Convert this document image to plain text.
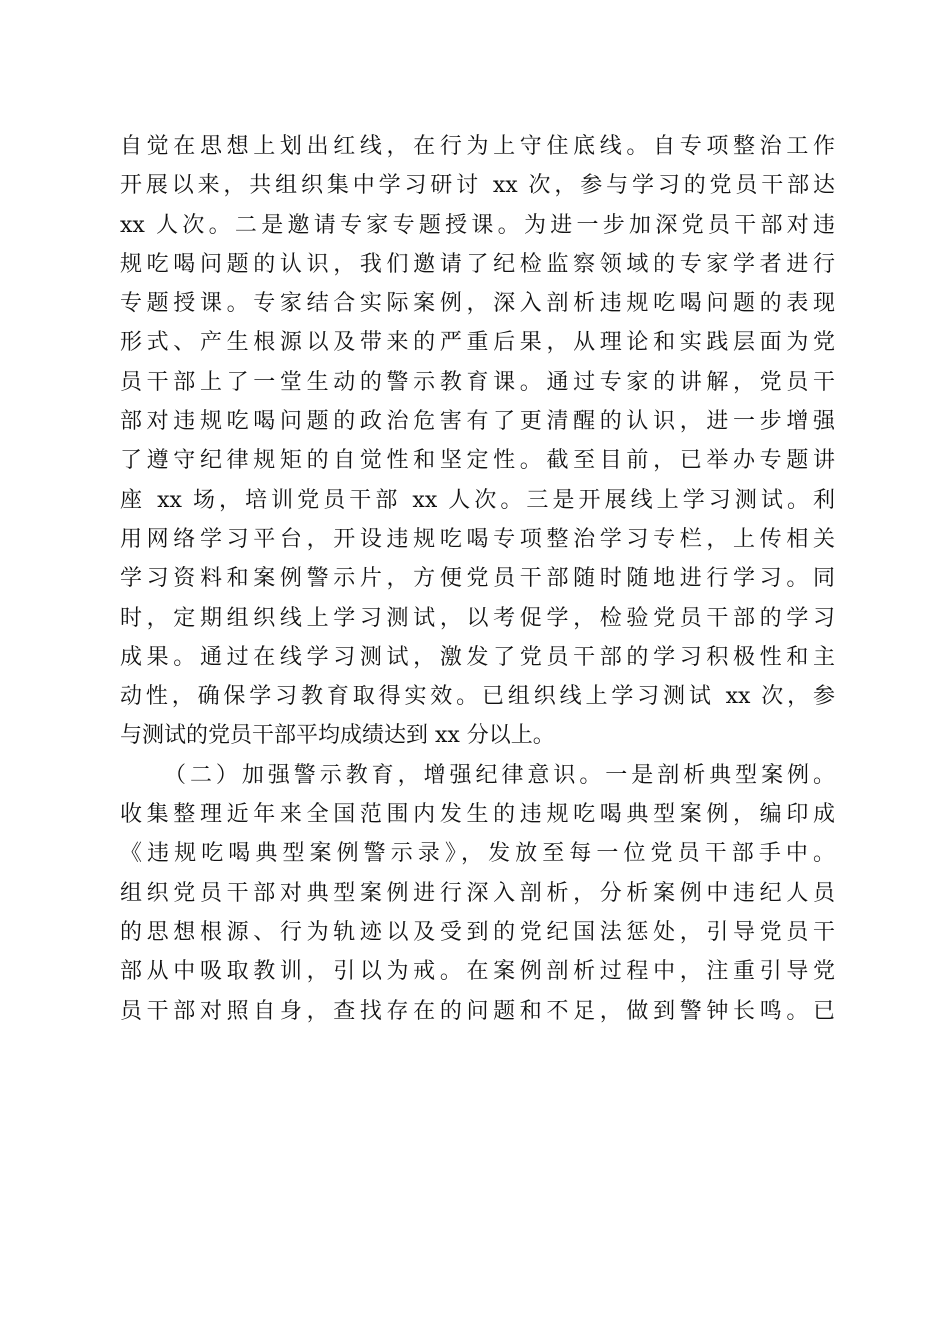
自觉在思想上划出红线，在行为上守住底线。自专项整治工作
开展以来，共组织集中学习研讨 xx 次，参与学习的党员干部达
xx 人次。二是邀请专家专题授课。为进一步加深党员干部对违
规吃喝问题的认识，我们邀请了纪检监察领域的专家学者进行
专题授课。专家结合实际案例，深入剖析违规吃喝问题的表现
形式、产生根源以及带来的严重后果，从理论和实践层面为党
员干部上了一堂生动的警示教育课。通过专家的讲解，党员干
部对违规吃喝问题的政治危害有了更清醒的认识，进一步增强
了遵守纪律规矩的自觉性和坚定性。截至目前，已举办专题讲
座 xx 场，培训党员干部 xx 人次。三是开展线上学习测试。利
用网络学习平台，开设违规吃喝专项整治学习专栏，上传相关
学习资料和案例警示片，方便党员干部随时随地进行学习。同
时，定期组织线上学习测试，以考促学，检验党员干部的学习
成果。通过在线学习测试，激发了党员干部的学习积极性和主
动性，确保学习教育取得实效。已组织线上学习测试 xx 次，参
与测试的党员干部平均成绩达到 xx 分以上。
（二）加强警示教育，增强纪律意识。一是剖析典型案例。
收集整理近年来全国范围内发生的违规吃喝典型案例，编印成
《违规吃喝典型案例警示录》，发放至每一位党员干部手中。
组织党员干部对典型案例进行深入剖析，分析案例中违纪人员
的思想根源、行为轨迹以及受到的党纪国法惩处，引导党员干
部从中吸取教训，引以为戒。在案例剖析过程中，注重引导党
员干部对照自身，查找存在的问题和不足，做到警钟长鸣。已
